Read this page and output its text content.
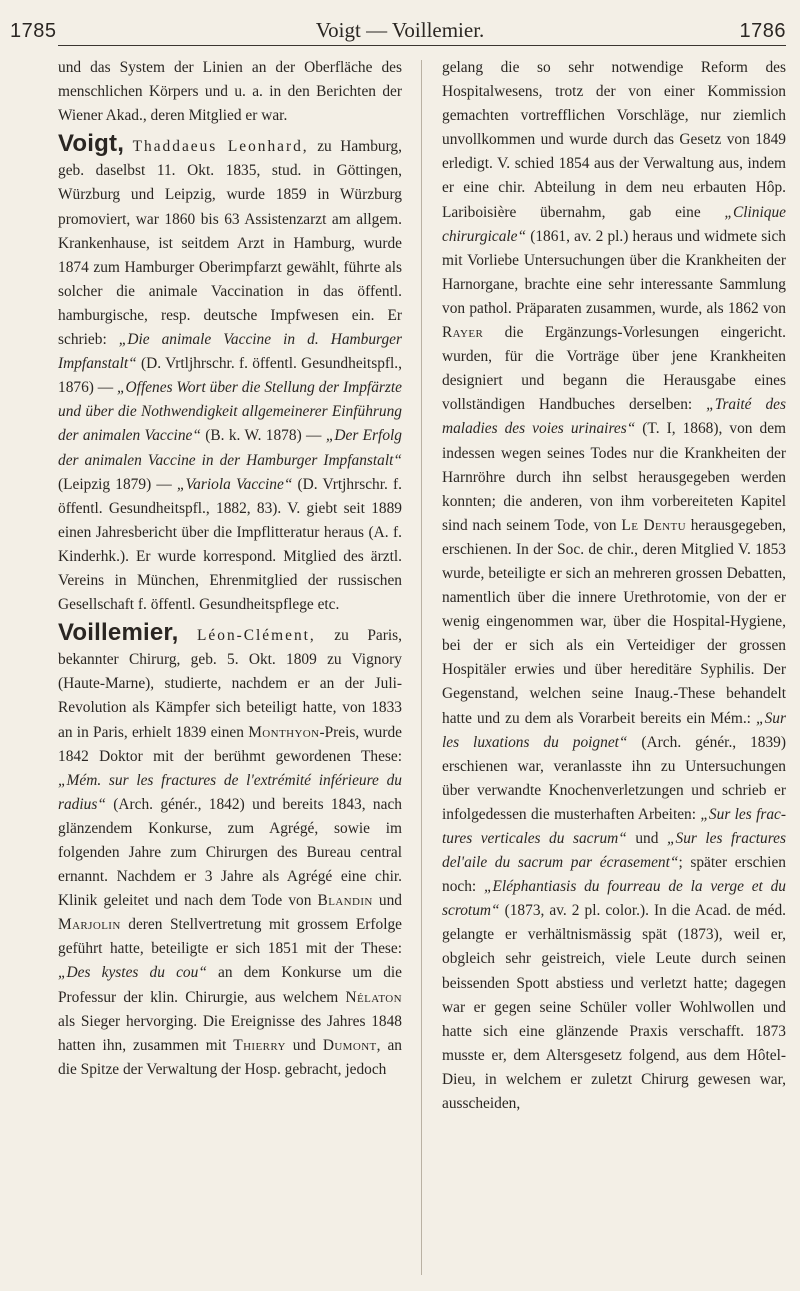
1785	Voigt — Voillemier.	1786

und das System der Linien an der Oberfläche des menschlichen Körpers und u. a. in den Berichten der Wiener Akad., deren Mitglied er war.

Voigt, Thaddaeus Leonhard, zu Hamburg, geb. daselbst 11. Okt. 1835, stud. in Göttingen, Würzburg und Leipzig, wurde 1859 in Würzburg promoviert, war 1860 bis 63 Assistenzarzt am allgem. Krankenhause, ist seitdem Arzt in Hamburg, wurde 1874 zum Hamburger Oberimpfarzt gewählt, führte als solcher die animale Vaccination in das öffentl. hamburgische, resp. deutsche Impfwesen ein. Er schrieb: „Die animale Vaccine in d. Hamburger Impfanstalt“ (D. Vrtljhrschr. f. öffentl. Gesundheitspfl., 1876) — „Offenes Wort über die Stellung der Impfärzte und über die Nothwendigkeit allgemeinerer Einführung der animalen Vaccine“ (B. k. W. 1878) — „Der Erfolg der animalen Vaccine in der Hamburger Impfanstalt“ (Leipzig 1879) — „Variola Vaccine“ (D. Vrtjhrschr. f. öffentl. Gesundheitspfl., 1882, 83). V. giebt seit 1889 einen Jahresbericht über die Impflitteratur heraus (A. f. Kinderhk.). Er wurde korrespond. Mitglied des ärztl. Vereins in München, Ehrenmitglied der russischen Gesellschaft f. öffentl. Gesundheitspflege etc.

Voillemier, Léon-Clément, zu Paris, bekannter Chirurg, geb. 5. Okt. 1809 zu Vignory (Haute-Marne), studierte, nachdem er an der Juli-Revolution als Kämpfer sich beteiligt hatte, von 1833 an in Paris, erhielt 1839 einen Monthyon-Preis, wurde 1842 Doktor mit der berühmt gewordenen These: „Mém. sur les fractures de l'extrémité inférieure du radius“ (Arch. génér., 1842) und bereits 1843, nach glänzendem Konkurse, zum Agrégé, sowie im folgenden Jahre zum Chirurgen des Bureau central ernannt. Nachdem er 3 Jahre als Agrégé eine chir. Klinik geleitet und nach dem Tode von Blandin und Marjolin deren Stellvertretung mit grossem Erfolge geführt hatte, beteiligte er sich 1851 mit der These: „Des kystes du cou“ an dem Konkurse um die Professur der klin. Chirurgie, aus welchem Nélaton als Sieger hervorging. Die Ereignisse des Jahres 1848 hatten ihn, zusammen mit Thierry und Dumont, an die Spitze der Verwaltung der Hosp. gebracht, jedoch

gelang die so sehr notwendige Reform des Hospitalwesens, trotz der von einer Kommission gemachten vortrefflichen Vorschläge, nur ziemlich unvollkommen und wurde durch das Gesetz von 1849 erledigt. V. schied 1854 aus der Verwaltung aus, indem er eine chir. Abteilung in dem neu erbauten Hôp. Lariboisière übernahm, gab eine „Clinique chirurgicale“ (1861, av. 2 pl.) heraus und widmete sich mit Vorliebe Untersuchungen über die Krankheiten der Harnorgane, brachte eine sehr interessante Sammlung von pathol. Präparaten zusammen, wurde, als 1862 von Rayer die Ergänzungs-Vorlesungen eingericht. wurden, für die Vorträge über jene Krankheiten designiert und begann die Herausgabe eines vollständigen Handbuches derselben: „Traité des maladies des voies urinaires“ (T. I, 1868), von dem indessen wegen seines Todes nur die Krankheiten der Harnröhre durch ihn selbst herausgegeben werden konnten; die anderen, von ihm vorbereiteten Kapitel sind nach seinem Tode, von Le Dentu herausgegeben, erschienen. In der Soc. de chir., deren Mitglied V. 1853 wurde, beteiligte er sich an mehreren grossen Debatten, namentlich über die innere Urethrotomie, von der er wenig eingenommen war, über die Hospital-Hygiene, bei der er sich als ein Verteidiger der grossen Hospitäler erwies und über hereditäre Syphilis. Der Gegenstand, welchen seine Inaug.-These behandelt hatte und zu dem als Vorarbeit bereits ein Mém.: „Sur les luxations du poignet“ (Arch. génér., 1839) erschienen war, veranlasste ihn zu Untersuchungen über verwandte Knochenverletzungen und schrieb er infolgedessen die musterhaften Arbeiten: „Sur les fractures verticales du sacrum“ und „Sur les fractures del'aile du sacrum par écrasement“; später erschien noch: „Eléphantiasis du fourreau de la verge et du scrotum“ (1873, av. 2 pl. color.). In die Acad. de méd. gelangte er verhältnismässig spät (1873), weil er, obgleich sehr geistreich, viele Leute durch seinen beissenden Spott abstiess und verletzt hatte; dagegen war er gegen seine Schüler voller Wohlwollen und hatte sich eine glänzende Praxis verschafft. 1873 musste er, dem Altersgesetz folgend, aus dem Hôtel-Dieu, in welchem er zuletzt Chirurg gewesen war, ausscheiden,
